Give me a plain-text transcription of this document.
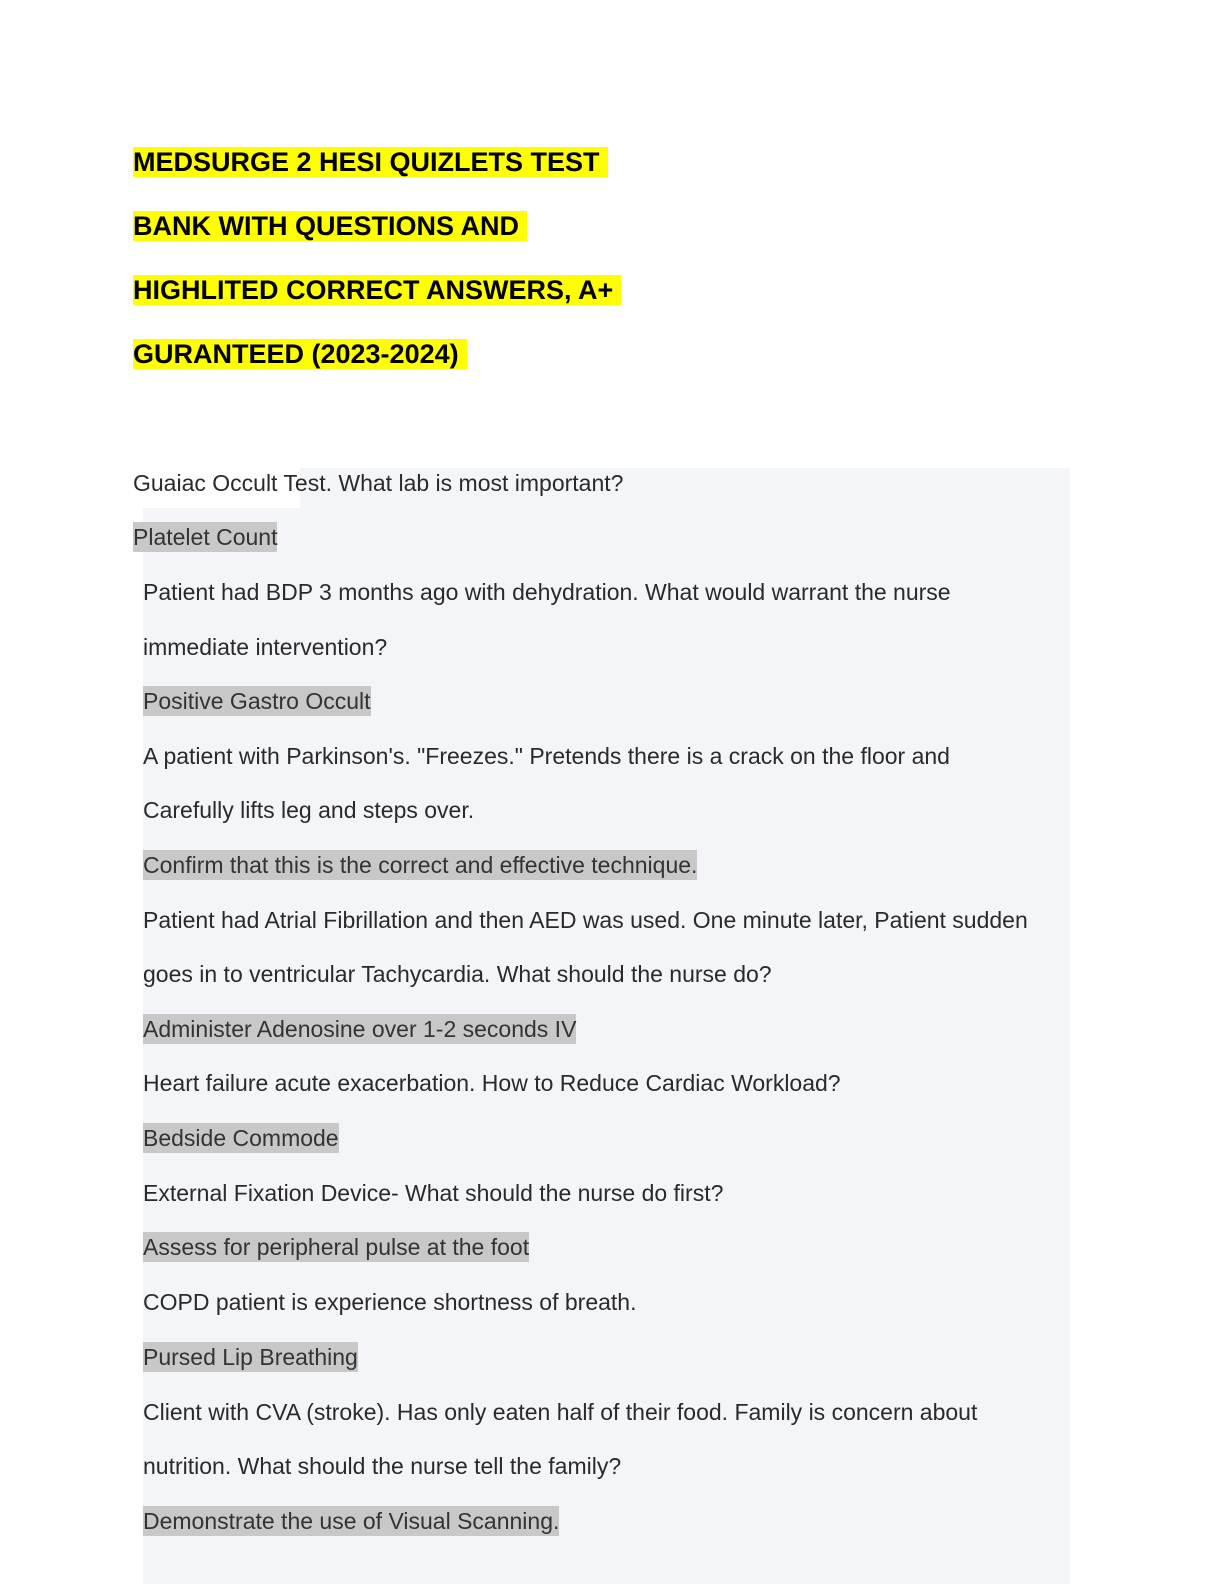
MEDSURGE 2 HESI QUIZLETS TEST
BANK WITH QUESTIONS AND
HIGHLITED CORRECT ANSWERS, A+
GURANTEED (2023-2024)
Guaiac Occult Test. What lab is most important?
Platelet Count
Patient had BDP 3 months ago with dehydration. What would warrant the nurse
immediate intervention?
Positive Gastro Occult
A patient with Parkinson's. "Freezes." Pretends there is a crack on the floor and
Carefully lifts leg and steps over.
Confirm that this is the correct and effective technique.
Patient had Atrial Fibrillation and then AED was used. One minute later, Patient sudden
goes in to ventricular Tachycardia. What should the nurse do?
Administer Adenosine over 1-2 seconds IV
Heart failure acute exacerbation. How to Reduce Cardiac Workload?
Bedside Commode
External Fixation Device- What should the nurse do first?
Assess for peripheral pulse at the foot
COPD patient is experience shortness of breath.
Pursed Lip Breathing
Client with CVA (stroke). Has only eaten half of their food. Family is concern about
nutrition. What should the nurse tell the family?
Demonstrate the use of Visual Scanning.
